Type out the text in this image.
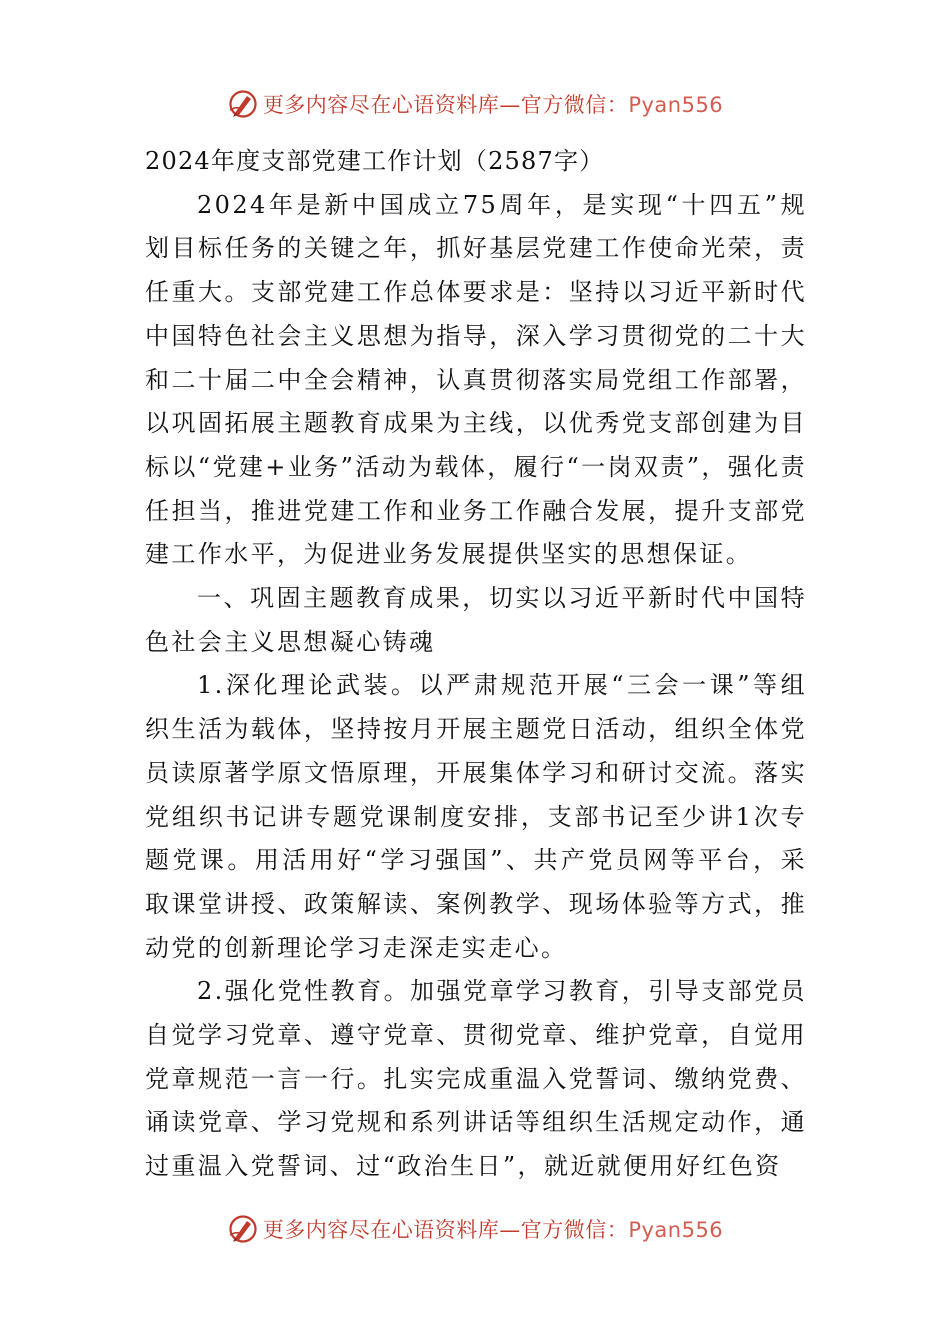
更多内容尽在心语资料库—官方微信：Pyan556

2024年度支部党建工作计划（2587字）

2024年是新中国成立75周年，是实现“十四五”规划目标任务的关键之年，抓好基层党建工作使命光荣，责任重大。支部党建工作总体要求是：坚持以习近平新时代中国特色社会主义思想为指导，深入学习贯彻党的二十大和二十届二中全会精神，认真贯彻落实局党组工作部署，以巩固拓展主题教育成果为主线，以优秀党支部创建为目标以“党建+业务”活动为载体，履行“一岗双责”，强化责任担当，推进党建工作和业务工作融合发展，提升支部党建工作水平，为促进业务发展提供坚实的思想保证。

一、巩固主题教育成果，切实以习近平新时代中国特色社会主义思想凝心铸魂

1.深化理论武装。以严肃规范开展“三会一课”等组织生活为载体，坚持按月开展主题党日活动，组织全体党员读原著学原文悟原理，开展集体学习和研讨交流。落实党组织书记讲专题党课制度安排，支部书记至少讲1次专题党课。用活用好“学习强国”、共产党员网等平台，采取课堂讲授、政策解读、案例教学、现场体验等方式，推动党的创新理论学习走深走实走心。

2.强化党性教育。加强党章学习教育，引导支部党员自觉学习党章、遵守党章、贯彻党章、维护党章，自觉用党章规范一言一行。扎实完成重温入党誓词、缴纳党费、诵读党章、学习党规和系列讲话等组织生活规定动作，通过重温入党誓词、过“政治生日”，就近就便用好红色资

更多内容尽在心语资料库—官方微信：Pyan556
